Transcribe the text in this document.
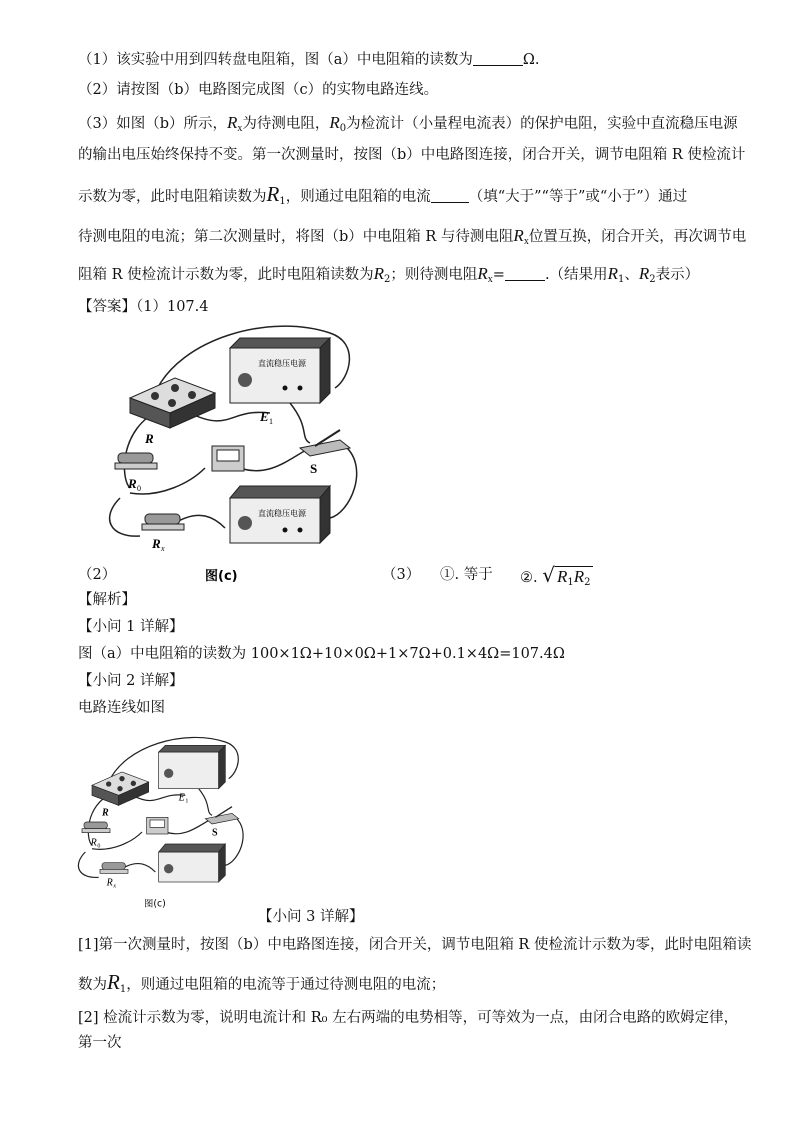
（1）该实验中用到四转盘电阻箱，图（a）中电阻箱的读数为	Ω.
（2）请按图（b）电路图完成图（c）的实物电路连线。
（3）如图（b）所示，$R_x$为待测电阻，$R_0$为检流计（小量程电流表）的保护电阻，实验中直流稳压电源
的输出电压始终保持不变。第一次测量时，按图（b）中电路图连接，闭合开关，调节电阻箱 R 使检流计
示数为零，此时电阻箱读数为$R_1$，则通过电阻箱的电流	（填“大于”“等于”或“小于”）通过
待测电阻的电流；第二次测量时，将图（b）中电阻箱 R 与待测电阻$R_x$位置互换，闭合开关，再次调节电
阻箱 R 使检流计示数为零，此时电阻箱读数为$R_2$；则待测电阻$R_x=$	.（结果用$R_1$、$R_2$表示）
【答案】（1）107.4
R
直流稳压电源
直流稳压电源
E 1
S
R 0
R x
图(c)
（2）	（3） ①. 等于 ②. √ $R_1R_2$
【解析】
【小问 1 详解】
图（a）中电阻箱的读数为 100×1Ω+10×0Ω+1×7Ω+0.1×4Ω=107.4Ω
【小问 2 详解】
电路连线如图
R
E 1
S
R 0
R x
图(c)
【小问 3 详解】
[1]第一次测量时，按图（b）中电路图连接，闭合开关，调节电阻箱 R 使检流计示数为零，此时电阻箱读
数为$R_1$，则通过电阻箱的电流等于通过待测电阻的电流；
[2] 检流计示数为零，说明电流计和 R₀ 左右两端的电势相等，可等效为一点，由闭合电路的欧姆定律，
第一次
